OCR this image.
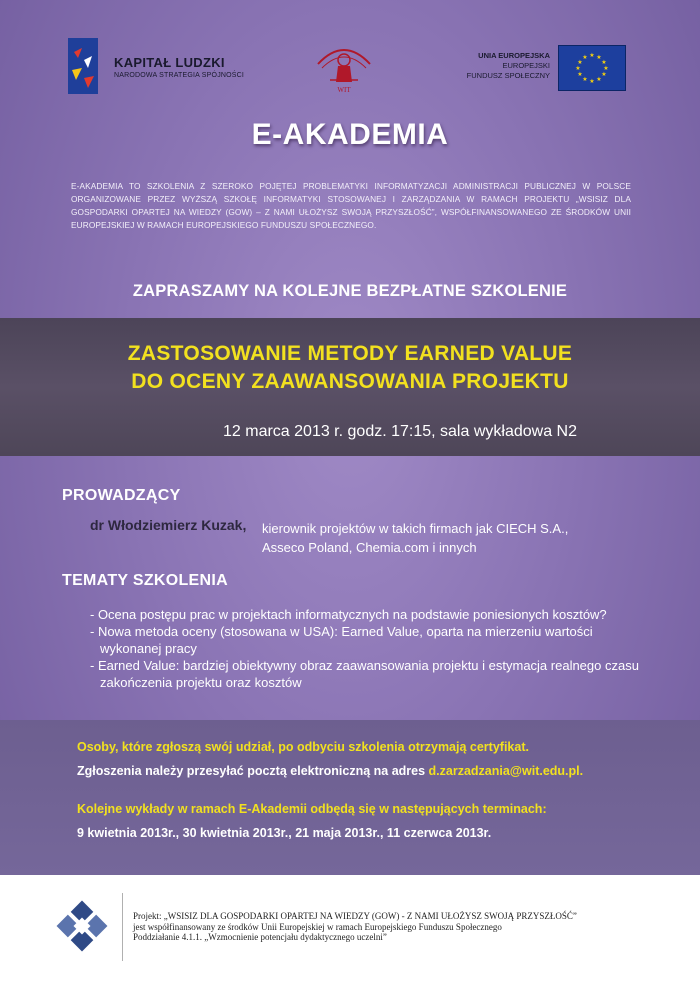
KAPITAŁ LUDZKI
NARODOWA STRATEGIA SPÓJNOŚCI
WIT
UNIA EUROPEJSKA
EUROPEJSKI
FUNDUSZ SPOŁECZNY
★ ★
★
★
★
★
★
★
★
★
★
★
E-AKADEMIA
E-AKADEMIA TO SZKOLENIA Z SZEROKO POJĘTEJ PROBLEMATYKI INFORMATYZACJI ADMINISTRACJI PUBLICZNEJ W POLSCE ORGANIZOWANE PRZEZ WYŻSZĄ SZKOŁĘ INFORMATYKI STOSOWANEJ I ZARZĄDZANIA W RAMACH PROJEKTU „WSISIZ DLA GOSPODARKI OPARTEJ NA WIEDZY (GOW) – Z NAMI UŁOŻYSZ SWOJĄ PRZYSZŁOŚĆ”, WSPÓŁFINANSOWANEGO ZE ŚRODKÓW UNII EUROPEJSKIEJ W RAMACH EUROPEJSKIEGO FUNDUSZU SPOŁECZNEGO.
ZAPRASZAMY NA KOLEJNE BEZPŁATNE SZKOLENIE
ZASTOSOWANIE METODY EARNED VALUE
DO OCENY ZAAWANSOWANIA PROJEKTU
12 marca 2013 r. godz. 17:15, sala wykładowa N2
PROWADZĄCY
dr Włodziemierz Kuzak, kierownik projektów w takich firmach jak CIECH S.A.,
Asseco Poland, Chemia.com i innych
TEMATY SZKOLENIA
- Ocena postępu prac w projektach informatycznych na podstawie poniesionych kosztów?
- Nowa metoda oceny (stosowana w USA): Earned Value, oparta na mierzeniu wartości wykonanej pracy
- Earned Value: bardziej obiektywny obraz zaawansowania projektu i estymacja realnego czasu zakończenia projektu oraz kosztów
Osoby, które zgłoszą swój udział, po odbyciu szkolenia otrzymają certyfikat.
Zgłoszenia należy przesyłać pocztą elektroniczną na adres d.zarzadzania@wit.edu.pl.
Kolejne wykłady w ramach E-Akademii odbędą się w następujących terminach:
9 kwietnia 2013r., 30 kwietnia 2013r., 21 maja 2013r., 11 czerwca 2013r.
Projekt: „WSISIZ DLA GOSPODARKI OPARTEJ NA WIEDZY (GOW) - Z NAMI UŁOŻYSZ SWOJĄ PRZYSZŁOŚĆ”
jest współfinansowany ze środków Unii Europejskiej w ramach Europejskiego Funduszu Społecznego
Poddziałanie 4.1.1. „Wzmocnienie potencjału dydaktycznego uczelni”
